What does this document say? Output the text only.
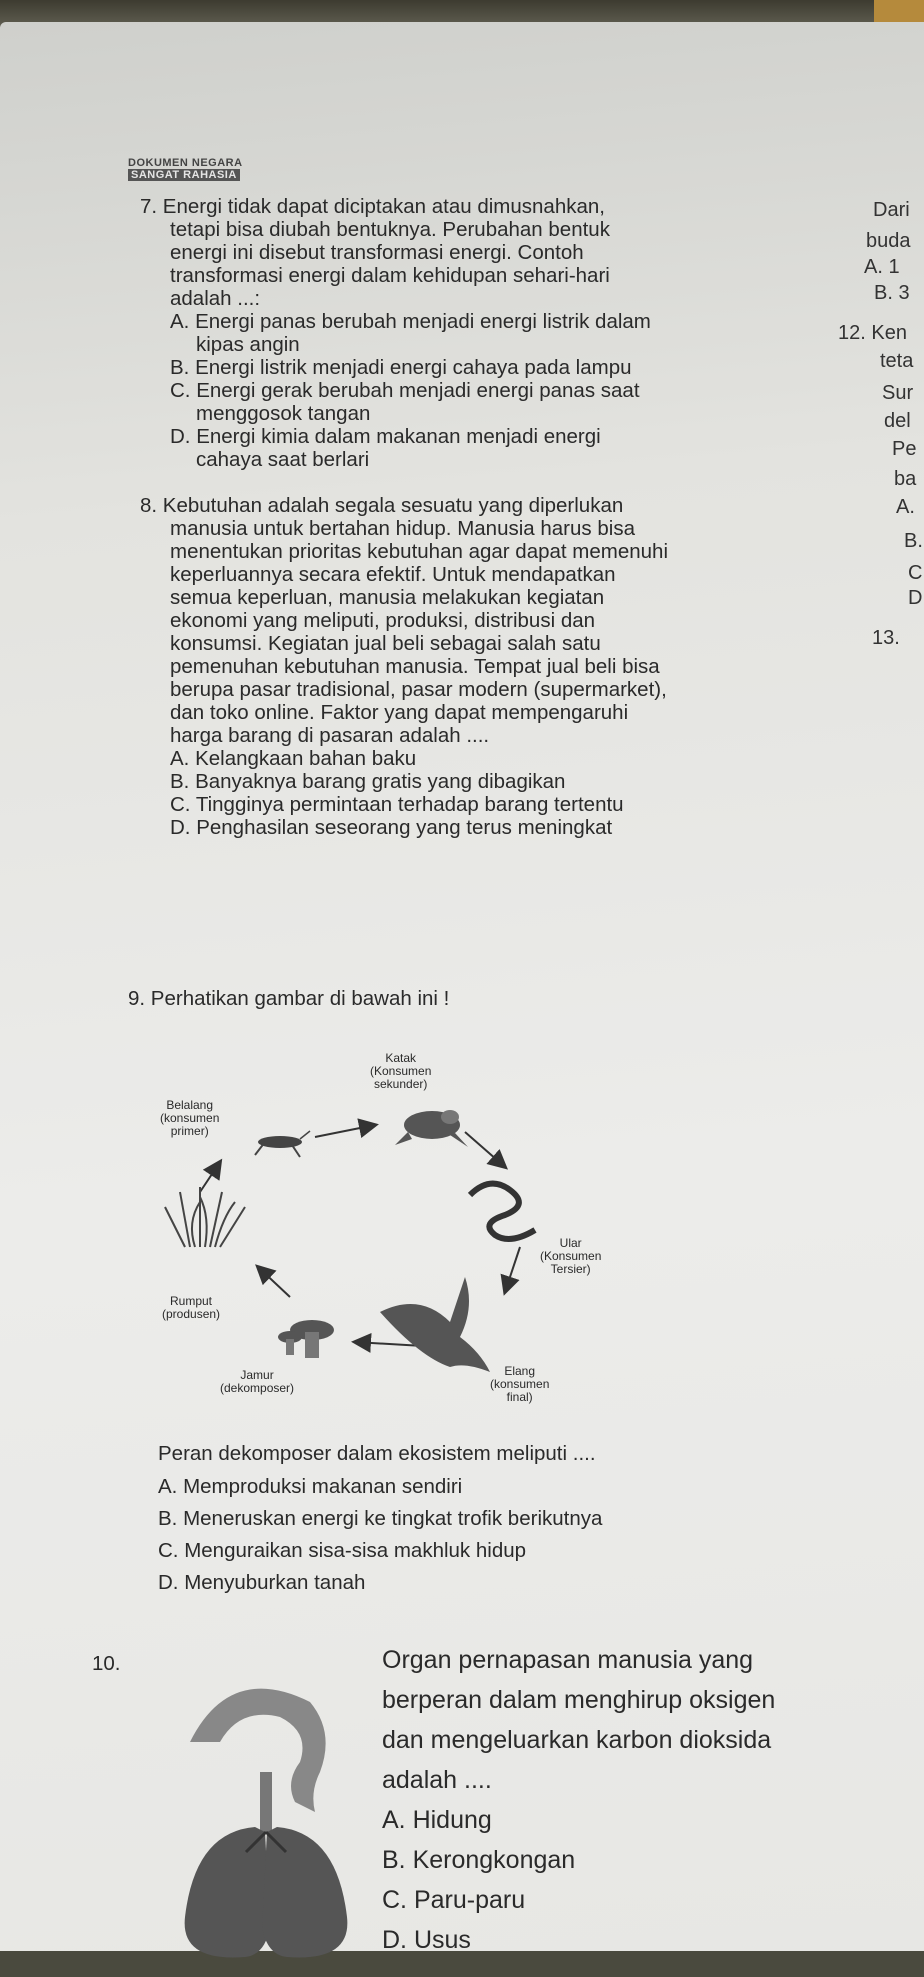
DOKUMEN NEGARA
SANGAT RAHASIA

7. Energi tidak dapat diciptakan atau dimusnahkan,

tetapi bisa diubah bentuknya. Perubahan bentuk

energi ini disebut transformasi energi. Contoh

transformasi energi dalam kehidupan sehari-hari

adalah ...:

A. Energi panas berubah menjadi energi listrik dalam

kipas angin

B. Energi listrik menjadi energi cahaya pada lampu

C. Energi gerak berubah menjadi energi panas saat

menggosok tangan

D. Energi kimia dalam makanan menjadi energi

cahaya saat berlari

Dari
buda
A. 1
B. 3
12. Ken
teta
Sur
del
Pe
ba
A.
B.
C
D
13.

8. Kebutuhan adalah segala sesuatu yang diperlukan

manusia untuk bertahan hidup. Manusia harus bisa

menentukan prioritas kebutuhan agar dapat memenuhi

keperluannya secara efektif. Untuk mendapatkan

semua keperluan, manusia melakukan kegiatan

ekonomi yang meliputi, produksi, distribusi dan

konsumsi. Kegiatan jual beli sebagai salah satu

pemenuhan kebutuhan manusia. Tempat jual beli bisa

berupa pasar tradisional, pasar modern (supermarket),

dan toko online. Faktor yang dapat mempengaruhi

harga barang di pasaran adalah ....

A. Kelangkaan bahan baku

B. Banyaknya barang gratis yang dibagikan

C. Tingginya permintaan terhadap barang tertentu

D. Penghasilan seseorang yang terus meningkat

9. Perhatikan gambar di bawah ini !

Katak
(Konsumen
sekunder)
Belalang
(konsumen
primer)
Ular
(Konsumen
Tersier)
Rumput
(produsen)
Elang
(konsumen
final)
Jamur
(dekomposer)

Peran dekomposer dalam ekosistem meliputi ....

A. Memproduksi makanan sendiri

B. Meneruskan energi ke tingkat trofik berikutnya

C. Menguraikan sisa-sisa makhluk hidup

D. Menyuburkan tanah

10.	Organ pernapasan manusia yang

berperan dalam menghirup oksigen

dan mengeluarkan karbon dioksida

adalah ....

A. Hidung

B. Kerongkongan

C. Paru-paru

D. Usus
